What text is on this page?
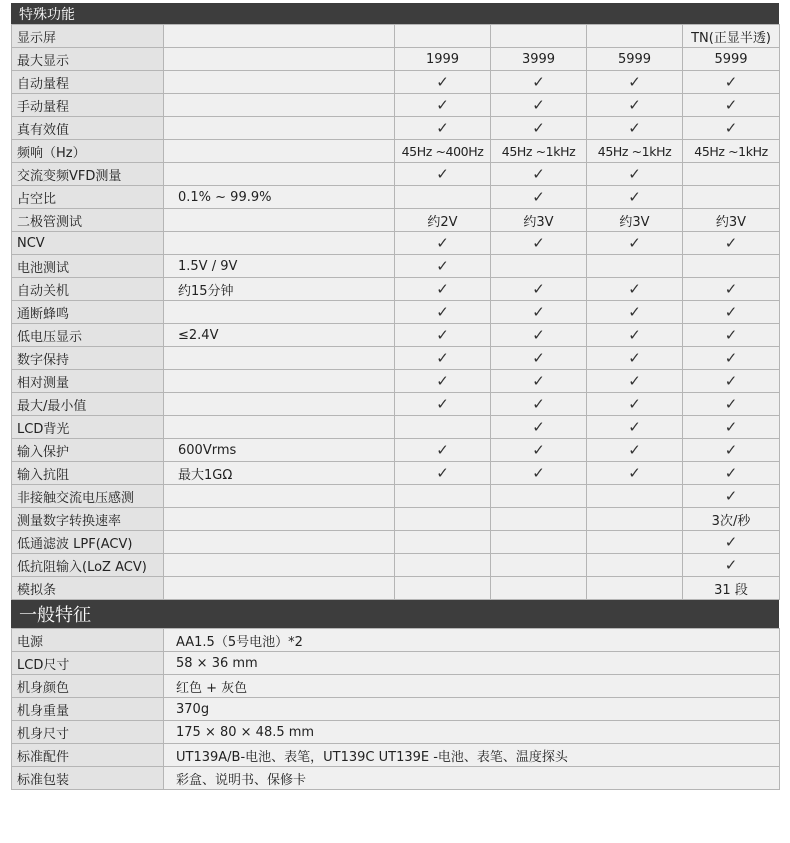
特殊功能
显示屏					TN(正显半透)
最大显示		1999	3999	5999	5999
自动量程		✓	✓	✓	✓
手动量程		✓	✓	✓	✓
真有效值		✓	✓	✓	✓
频响（Hz）		45Hz ~400Hz	45Hz ~1kHz	45Hz ~1kHz	45Hz ~1kHz
交流变频VFD测量		✓	✓	✓	
占空比	0.1% ~ 99.9%		✓	✓	
二极管测试		约2V	约3V	约3V	约3V
NCV		✓	✓	✓	✓
电池测试	1.5V / 9V	✓			
自动关机	约15分钟	✓	✓	✓	✓
通断蜂鸣		✓	✓	✓	✓
低电压显示	≤2.4V	✓	✓	✓	✓
数字保持		✓	✓	✓	✓
相对测量		✓	✓	✓	✓
最大/最小值		✓	✓	✓	✓
LCD背光			✓	✓	✓
输入保护	600Vrms	✓	✓	✓	✓
输入抗阻	最大1GΩ	✓	✓	✓	✓
非接触交流电压感测					✓
测量数字转换速率					3次/秒
低通滤波 LPF(ACV)					✓
低抗阻输入(LoZ ACV)					✓
模拟条					31 段
一般特征
电源	AA1.5（5号电池）*2
LCD尺寸	58 × 36 mm
机身颜色	红色 + 灰色
机身重量	370g
机身尺寸	175 × 80 × 48.5 mm
标准配件	UT139A/B-电池、表笔，UT139C UT139E -电池、表笔、温度探头
标准包装	彩盒、说明书、保修卡
